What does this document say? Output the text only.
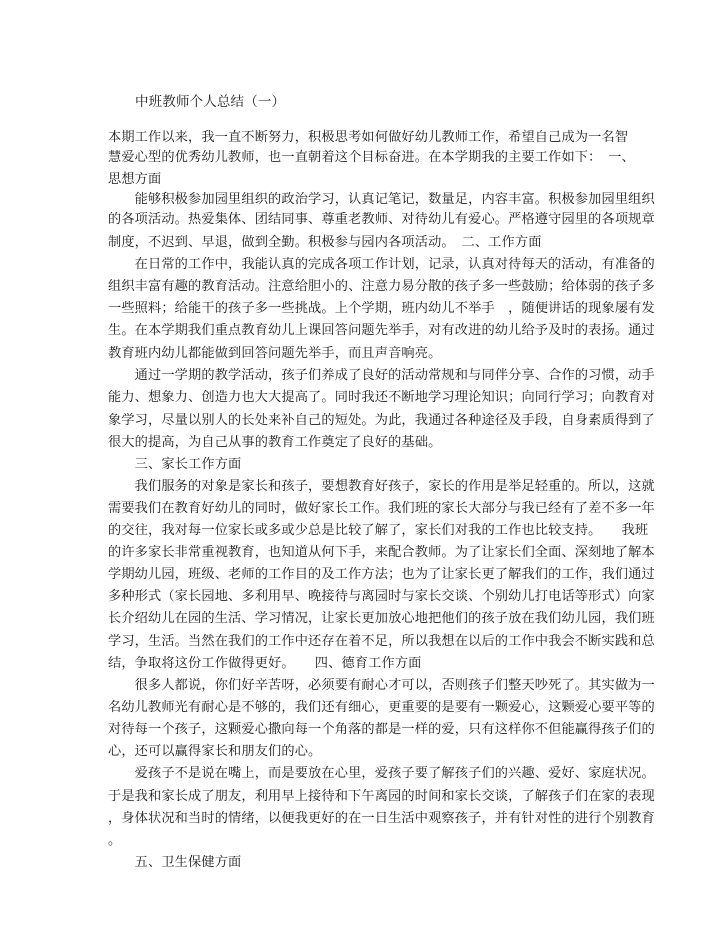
中班教师个人总结（一）
本期工作以来，我一直不断努力，积极思考如何做好幼儿教师工作，希望自己成为一名智
慧爱心型的优秀幼儿教师，也一直朝着这个目标奋进。在本学期我的主要工作如下：　一、
思想方面
　　能够积极参加园里组织的政治学习，认真记笔记，数量足，内容丰富。积极参加园里组织
的各项活动。热爱集体、团结同事、尊重老教师、对待幼儿有爱心。严格遵守园里的各项规章
制度，不迟到、早退，做到全勤。积极参与园内各项活动。　二、工作方面
　　在日常的工作中，我能认真的完成各项工作计划，记录，认真对待每天的活动，有准备的
组织丰富有趣的教育活动。注意给胆小的、注意力易分散的孩子多一些鼓励；给体弱的孩子多
一些照料；给能干的孩子多一些挑战。上个学期，班内幼儿不举手　，随便讲话的现象屡有发
生。在本学期我们重点教育幼儿上课回答问题先举手，对有改进的幼儿给予及时的表扬。通过
教育班内幼儿都能做到回答问题先举手，而且声音响亮。
　　通过一学期的教学活动，孩子们养成了良好的活动常规和与同伴分享、合作的习惯，动手
能力、想象力、创造力也大大提高了。同时我还不断地学习理论知识；向同行学习；向教育对
象学习，尽量以别人的长处来补自己的短处。为此，我通过各种途径及手段，自身素质得到了
很大的提高，为自己从事的教育工作奠定了良好的基础。
　　三、家长工作方面
　　我们服务的对象是家长和孩子，要想教育好孩子，家长的作用是举足轻重的。所以，这就
需要我们在教育好幼儿的同时，做好家长工作。我们班的家长大部分与我已经有了差不多一年
的交往，我对每一位家长或多或少总是比较了解了，家长们对我的工作也比较支持。　　我班
的许多家长非常重视教育，也知道从何下手，来配合教师。为了让家长们全面、深刻地了解本
学期幼儿园，班级、老师的工作目的及工作方法；也为了让家长更了解我们的工作，我们通过
多种形式（家长园地、多利用早、晚接待与离园时与家长交谈、个别幼儿打电话等形式）向家
长介绍幼儿在园的生活、学习情况，让家长更加放心地把他们的孩子放在我们幼儿园，我们班
学习，生活。当然在我们的工作中还存在着不足，所以我想在以后的工作中我会不断实践和总
结，争取将这份工作做得更好。　　四、德育工作方面
　　很多人都说，你们好辛苦呀，必须要有耐心才可以，否则孩子们整天吵死了。其实做为一
名幼儿教师光有耐心是不够的，我们还有细心，更重要的是要有一颗爱心，这颗爱心要平等的
对待每一个孩子，这颗爱心撒向每一个角落的都是一样的爱，只有这样你不但能赢得孩子们的
心，还可以赢得家长和朋友们的心。
　　爱孩子不是说在嘴上，而是要放在心里，爱孩子要了解孩子们的兴趣、爱好、家庭状况。
于是我和家长成了朋友，利用早上接待和下午离园的时间和家长交谈，了解孩子们在家的表现
，身体状况和当时的情绪，以便我更好的在一日生活中观察孩子，并有针对性的进行个别教育
。
　　五、卫生保健方面
